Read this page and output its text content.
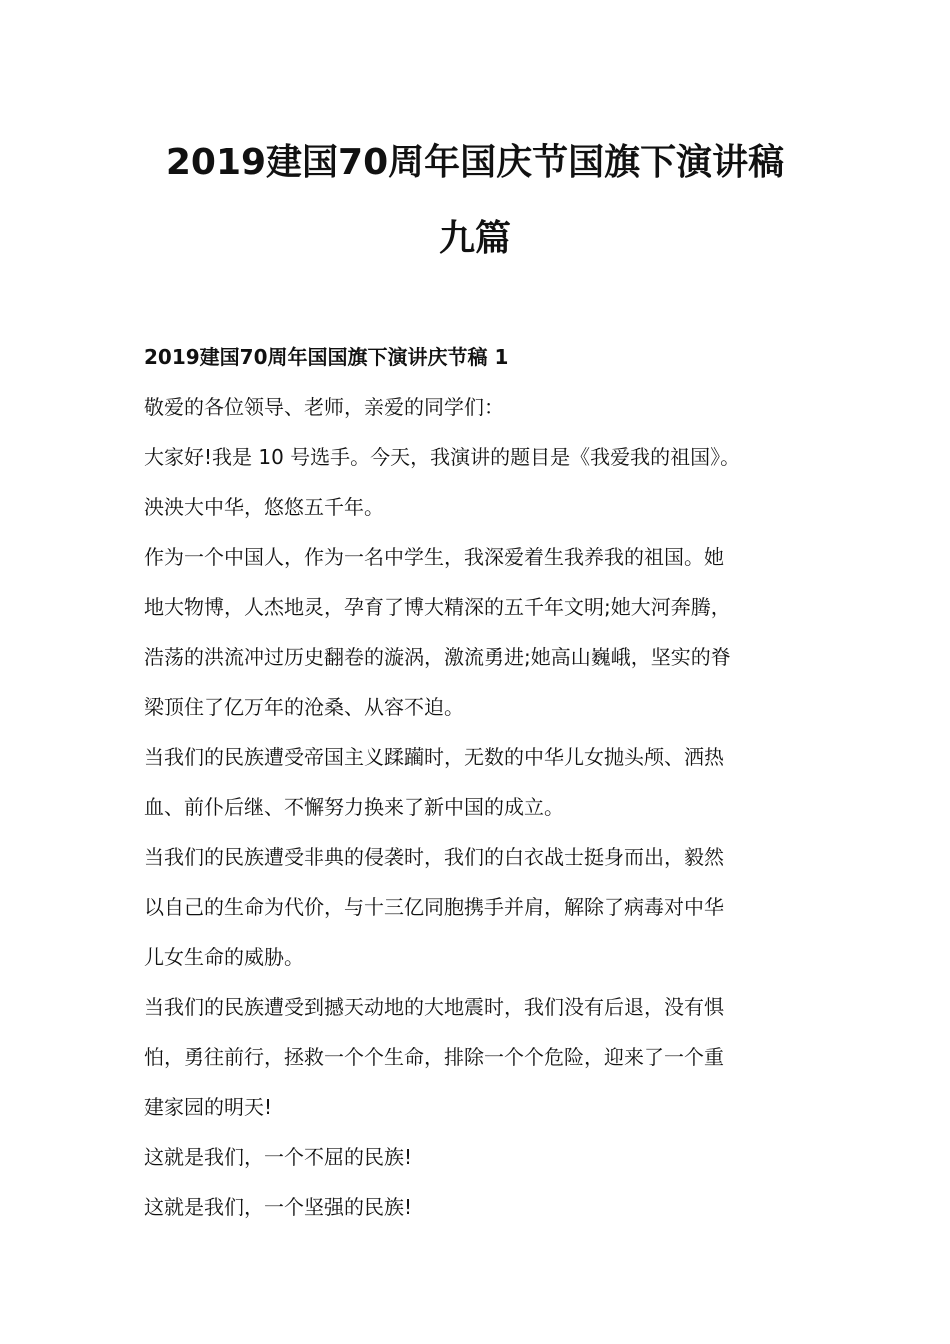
2019建国70周年国庆节国旗下演讲稿
九篇
2019建国70周年国国旗下演讲庆节稿 1
敬爱的各位领导、老师，亲爱的同学们：
大家好!我是 10 号选手。今天，我演讲的题目是《我爱我的祖国》。
泱泱大中华，悠悠五千年。
作为一个中国人，作为一名中学生，我深爱着生我养我的祖国。她
地大物博，人杰地灵，孕育了博大精深的五千年文明;她大河奔腾，
浩荡的洪流冲过历史翻卷的漩涡，激流勇进;她高山巍峨，坚实的脊
梁顶住了亿万年的沧桑、从容不迫。
当我们的民族遭受帝国主义蹂躏时，无数的中华儿女抛头颅、洒热
血、前仆后继、不懈努力换来了新中国的成立。
当我们的民族遭受非典的侵袭时，我们的白衣战士挺身而出，毅然
以自己的生命为代价，与十三亿同胞携手并肩，解除了病毒对中华
儿女生命的威胁。
当我们的民族遭受到撼天动地的大地震时，我们没有后退，没有惧
怕，勇往前行，拯救一个个生命，排除一个个危险，迎来了一个重
建家园的明天!
这就是我们，一个不屈的民族!
这就是我们，一个坚强的民族!
